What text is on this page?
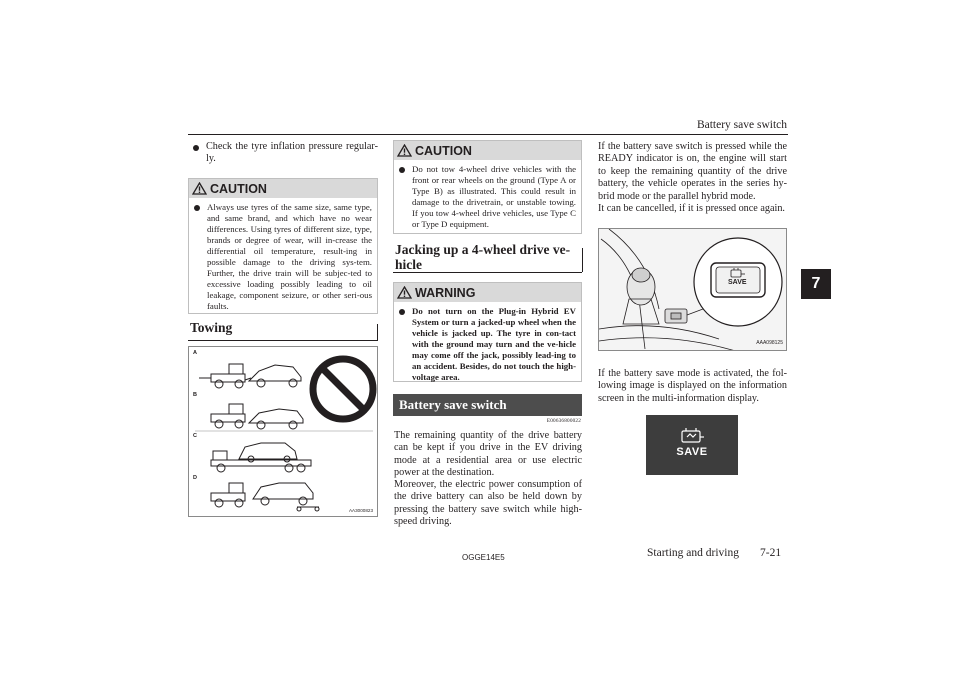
Battery save switch
7
Check the tyre inflation pressure regular-ly.
CAUTION
Always use tyres of the same size, same type, and same brand, and which have no wear differences. Using tyres of different size, type, brands or degree of wear, will in-crease the differential oil temperature, result-ing in possible damage to the driving sys-tem. Further, the drive train will be subjec-ted to excessive loading possibly leading to oil leakage, component seizure, or other seri-ous faults.
Towing
A
B
C
D
AA3000823
CAUTION
Do not tow 4-wheel drive vehicles with the front or rear wheels on the ground (Type A or Type B) as illustrated. This could result in damage to the drivetrain, or unstable towing. If you tow 4-wheel drive vehicles, use Type C or Type D equipment.
Jacking up a 4-wheel drive ve-
hicle
WARNING
Do not turn on the Plug-in Hybrid EV System or turn a jacked-up wheel when the vehicle is jacked up. The tyre in con-tact with the ground may turn and the ve-hicle may come off the jack, possibly lead-ing to an accident. Besides, do not touch the high-voltage area.
Battery save switch
E00636800022
The remaining quantity of the drive battery can be kept if you drive in the EV driving mode at a residential area or use electric power at the destination.
Moreover, the electric power consumption of the drive battery can also be held down by pressing the battery save switch while high-speed driving.
If the battery save switch is pressed while the READY indicator is on, the engine will start to keep the remaining quantity of the drive battery, the vehicle operates in the series hy-brid mode or the parallel hybrid mode.
It can be cancelled, if it is pressed once again.
SAVE
AAA098125
If the battery save mode is activated, the fol-lowing image is displayed on the information screen in the multi-information display.
SAVE
OGGE14E5	Starting and driving 7-21
